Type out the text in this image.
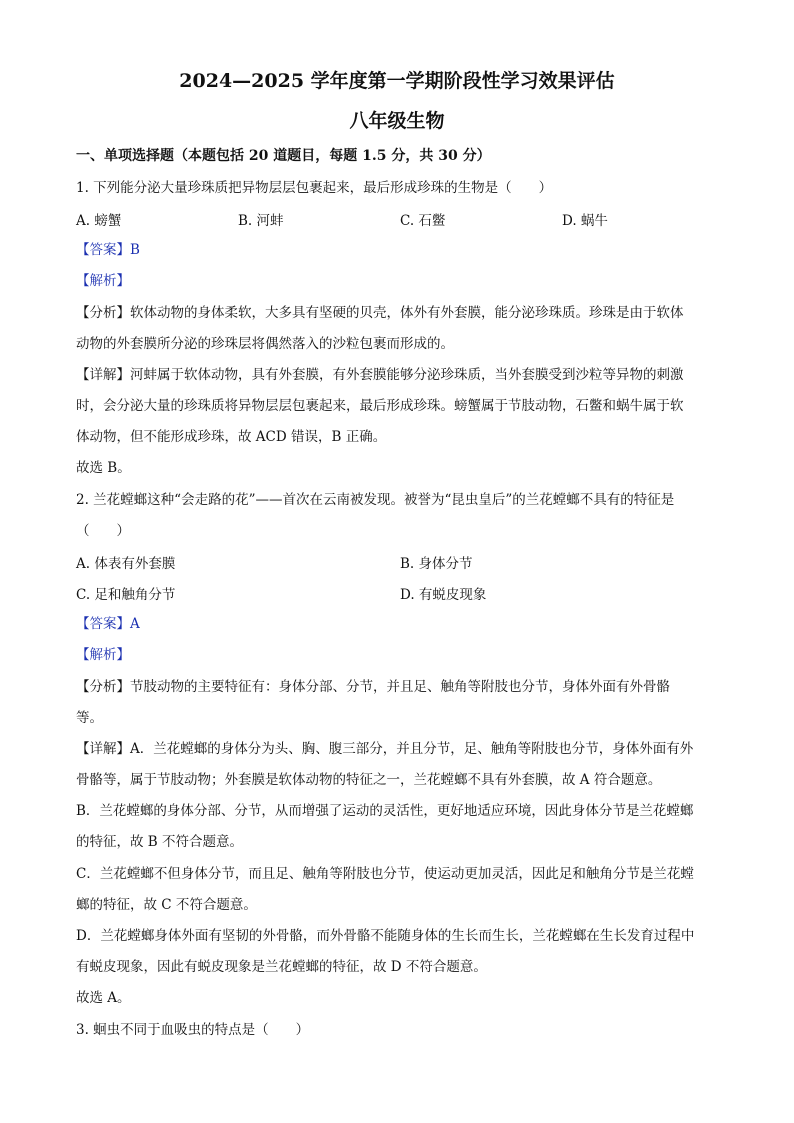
2024—2025 学年度第一学期阶段性学习效果评估
八年级生物
一、单项选择题（本题包括 20 道题目，每题 1.5 分，共 30 分）
1. 下列能分泌大量珍珠质把异物层层包裹起来，最后形成珍珠的生物是（　　）
A. 螃蟹	B. 河蚌	C. 石鳖	D. 蜗牛
【答案】B
【解析】
【分析】软体动物的身体柔软，大多具有坚硬的贝壳，体外有外套膜，能分泌珍珠质。珍珠是由于软体
动物的外套膜所分泌的珍珠层将偶然落入的沙粒包裹而形成的。
【详解】河蚌属于软体动物，具有外套膜，有外套膜能够分泌珍珠质，当外套膜受到沙粒等异物的刺激
时，会分泌大量的珍珠质将异物层层包裹起来，最后形成珍珠。螃蟹属于节肢动物，石鳖和蜗牛属于软
体动物，但不能形成珍珠，故 ACD 错误，B 正确。
故选 B。
2. 兰花螳螂这种“会走路的花”——首次在云南被发现。被誉为“昆虫皇后”的兰花螳螂不具有的特征是
（　　）
A. 体表有外套膜	B. 身体分节
C. 足和触角分节	D. 有蜕皮现象
【答案】A
【解析】
【分析】节肢动物的主要特征有：身体分部、分节，并且足、触角等附肢也分节，身体外面有外骨骼
等。
【详解】A．兰花螳螂的身体分为头、胸、腹三部分，并且分节，足、触角等附肢也分节，身体外面有外
骨骼等，属于节肢动物；外套膜是软体动物的特征之一，兰花螳螂不具有外套膜，故 A 符合题意。
B．兰花螳螂的身体分部、分节，从而增强了运动的灵活性，更好地适应环境，因此身体分节是兰花螳螂
的特征，故 B 不符合题意。
C．兰花螳螂不但身体分节，而且足、触角等附肢也分节，使运动更加灵活，因此足和触角分节是兰花螳
螂的特征，故 C 不符合题意。
D．兰花螳螂身体外面有坚韧的外骨骼，而外骨骼不能随身体的生长而生长，兰花螳螂在生长发育过程中
有蜕皮现象，因此有蜕皮现象是兰花螳螂的特征，故 D 不符合题意。
故选 A。
3. 蛔虫不同于血吸虫的特点是（　　）
